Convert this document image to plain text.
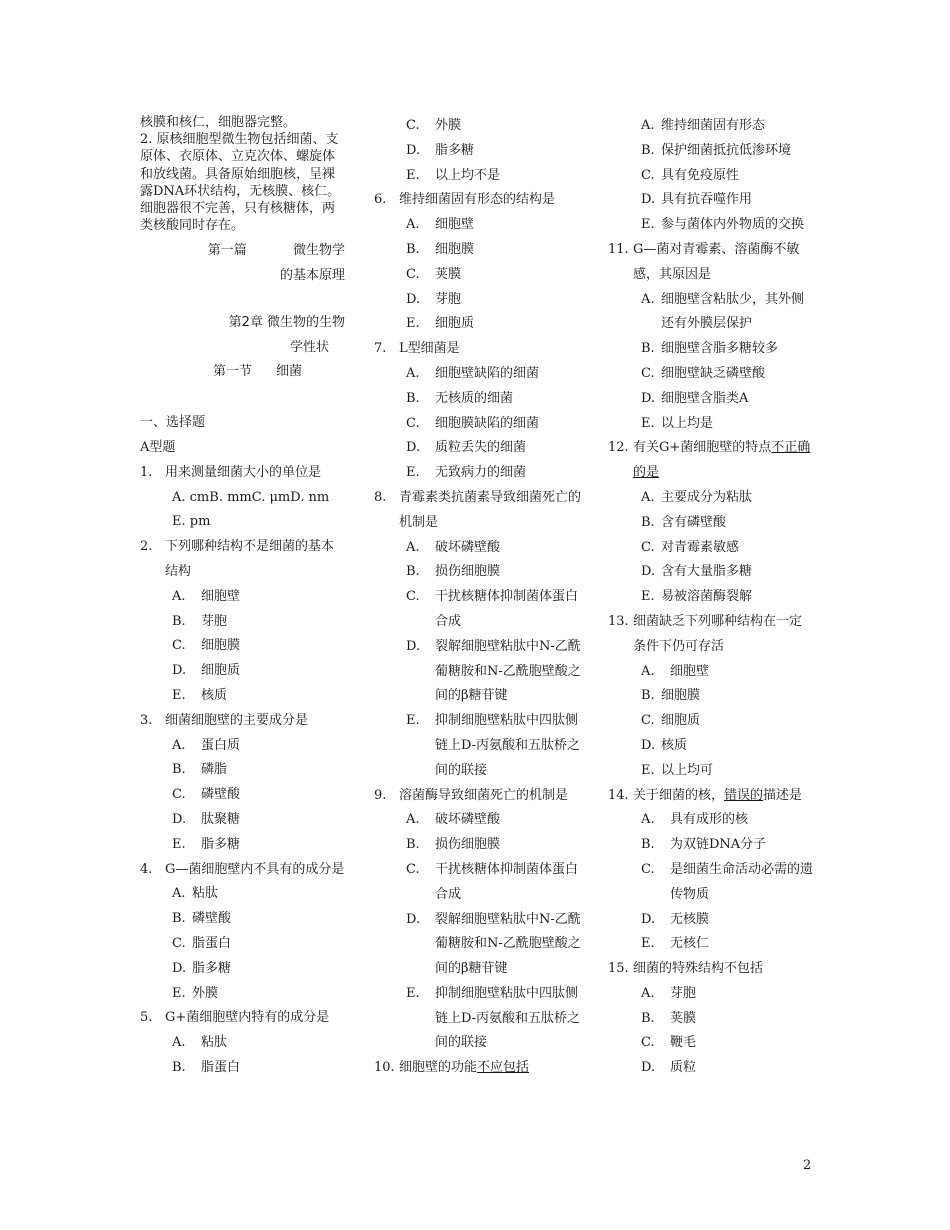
核膜和核仁，细胞器完整。

2. 原核细胞型微生物包括细菌、支原体、衣原体、立克次体、螺旋体和放线菌。具备原始细胞核，呈裸露DNA环状结构，无核膜、核仁。细胞器很不完善，只有核糖体，两类核酸同时存在。

第一篇	微生物学
的基本原理
第2章 微生物的生物
学性状
第一节 细菌
一、选择题
A型题
1. 用来测量细菌大小的单位是
A. cmB. mmC. μmD. nm
E. pm
2. 下列哪种结构不是细菌的基本结构
A.	细胞壁
B.	芽胞
C.	细胞膜
D.	细胞质
E.	核质
3. 细菌细胞壁的主要成分是
A.	蛋白质
B.	磷脂
C.	磷壁酸
D.	肽聚糖
E.	脂多糖
4. G—菌细胞壁内不具有的成分是
A. 粘肽
B. 磷壁酸
C. 脂蛋白
D. 脂多糖
E. 外膜
5. G+菌细胞壁内特有的成分是
A.	粘肽
B.	脂蛋白
C.	外膜
D.	脂多糖
E.	以上均不是
6. 维持细菌固有形态的结构是
A.	细胞壁
B.	细胞膜
C.	荚膜
D.	芽胞
E.	细胞质
7. L型细菌是
A.	细胞壁缺陷的细菌
B.	无核质的细菌
C.	细胞膜缺陷的细菌
D.	质粒丢失的细菌
E.	无致病力的细菌
8. 青霉素类抗菌素导致细菌死亡的机制是
A.	破坏磷壁酸
B.	损伤细胞膜
C.	干扰核糖体抑制菌体蛋白合成
D.	裂解细胞壁粘肽中N-乙酰葡糖胺和N-乙酰胞壁酸之间的β糖苷键
E.	抑制细胞壁粘肽中四肽侧链上D-丙氨酸和五肽桥之间的联接
9. 溶菌酶导致细菌死亡的机制是
A.	破坏磷壁酸
B.	损伤细胞膜
C.	干扰核糖体抑制菌体蛋白合成
D.	裂解细胞壁粘肽中N-乙酰葡糖胺和N-乙酰胞壁酸之间的β糖苷键
E.	抑制细胞壁粘肽中四肽侧链上D-丙氨酸和五肽桥之间的联接
10. 细胞壁的功能不应包括
A. 维持细菌固有形态
B. 保护细菌抵抗低渗环境
C. 具有免疫原性
D. 具有抗吞噬作用
E. 参与菌体内外物质的交换
11. G—菌对青霉素、溶菌酶不敏感，其原因是
A. 细胞壁含粘肽少，其外侧还有外膜层保护
B. 细胞壁含脂多糖较多
C. 细胞壁缺乏磷壁酸
D. 细胞壁含脂类A
E. 以上均是
12. 有关G+菌细胞壁的特点不正确的是
A. 主要成分为粘肽
B. 含有磷壁酸
C. 对青霉素敏感
D. 含有大量脂多糖
E. 易被溶菌酶裂解
13. 细菌缺乏下列哪种结构在一定条件下仍可存活
A.	细胞壁
B. 细胞膜
C. 细胞质
D. 核质
E. 以上均可
14. 关于细菌的核，错误的描述是
A.	具有成形的核
B.	为双链DNA分子
C.	是细菌生命活动必需的遗传物质
D.	无核膜
E.	无核仁
15. 细菌的特殊结构不包括
A.	芽胞
B.	荚膜
C.	鞭毛
D.	质粒
2
